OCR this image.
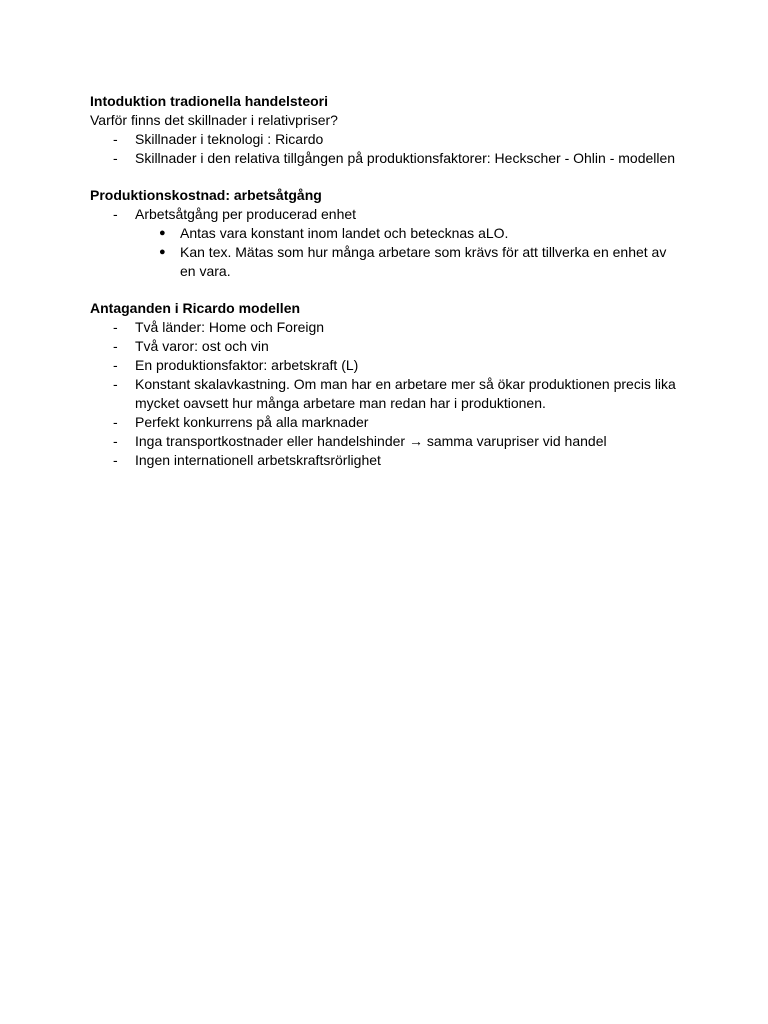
Intoduktion tradionella handelsteori

Varför finns det skillnader i relativpriser?

- Skillnader i teknologi : Ricardo
- Skillnader i den relativa tillgången på produktionsfaktorer: Heckscher - Ohlin - modellen

Produktionskostnad: arbetsåtgång

- Arbetsåtgång per producerad enhet
● Antas vara konstant inom landet och betecknas aLO.
● Kan tex. Mätas som hur många arbetare som krävs för att tillverka en enhet av en vara.

Antaganden i Ricardo modellen

- Två länder: Home och Foreign
- Två varor: ost och vin
- En produktionsfaktor: arbetskraft (L)
- Konstant skalavkastning. Om man har en arbetare mer så ökar produktionen precis lika mycket oavsett hur många arbetare man redan har i produktionen.
- Perfekt konkurrens på alla marknader
- Inga transportkostnader eller handelshinder → samma varupriser vid handel
- Ingen internationell arbetskraftsrörlighet
